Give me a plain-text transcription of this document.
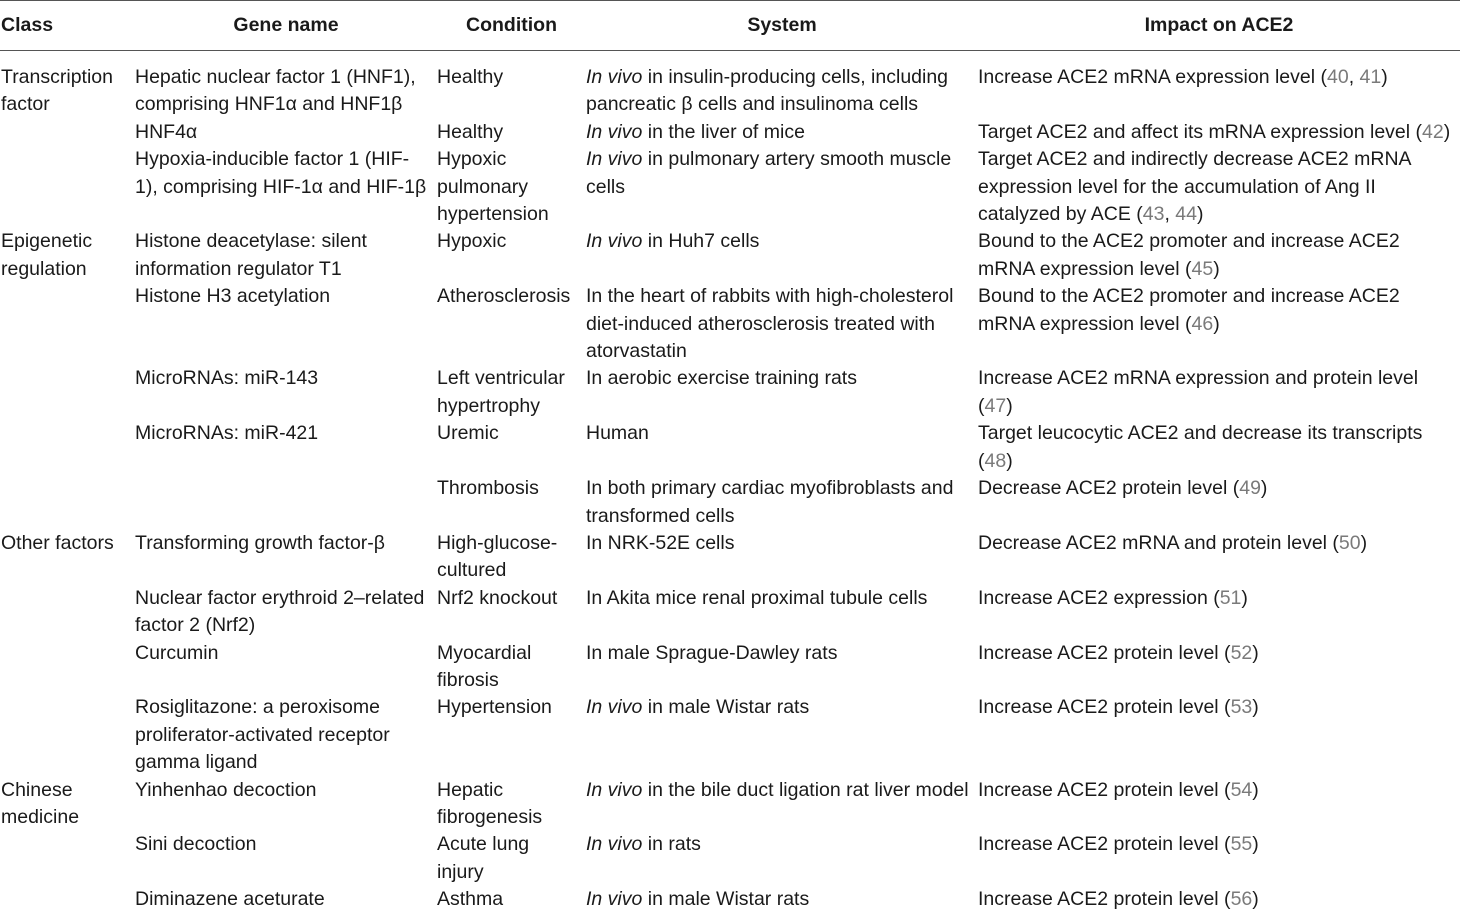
Class	Gene name	Condition	System	Impact on ACE2
Transcription factor	Hepatic nuclear factor 1 (HNF1), comprising HNF1α and HNF1β	Healthy	In vivo in insulin-producing cells, including pancreatic β cells and insulinoma cells	Increase ACE2 mRNA expression level (40, 41)
	HNF4α	Healthy	In vivo in the liver of mice	Target ACE2 and affect its mRNA expression level (42)
	Hypoxia-inducible factor 1 (HIF-1), comprising HIF-1α and HIF-1β	Hypoxic pulmonary hypertension	In vivo in pulmonary artery smooth muscle cells	Target ACE2 and indirectly decrease ACE2 mRNA expression level for the accumulation of Ang II catalyzed by ACE (43, 44)
Epigenetic regulation	Histone deacetylase: silent information regulator T1	Hypoxic	In vivo in Huh7 cells	Bound to the ACE2 promoter and increase ACE2 mRNA expression level (45)
	Histone H3 acetylation	Atherosclerosis	In the heart of rabbits with high-cholesterol diet-induced atherosclerosis treated with atorvastatin	Bound to the ACE2 promoter and increase ACE2 mRNA expression level (46)
	MicroRNAs: miR-143	Left ventricular hypertrophy	In aerobic exercise training rats	Increase ACE2 mRNA expression and protein level (47)
	MicroRNAs: miR-421	Uremic	Human	Target leucocytic ACE2 and decrease its transcripts (48)
		Thrombosis	In both primary cardiac myofibroblasts and transformed cells	Decrease ACE2 protein level (49)
Other factors	Transforming growth factor-β	High-glucose-cultured	In NRK-52E cells	Decrease ACE2 mRNA and protein level (50)
	Nuclear factor erythroid 2–related factor 2 (Nrf2)	Nrf2 knockout	In Akita mice renal proximal tubule cells	Increase ACE2 expression (51)
	Curcumin	Myocardial fibrosis	In male Sprague-Dawley rats	Increase ACE2 protein level (52)
	Rosiglitazone: a peroxisome proliferator-activated receptor gamma ligand	Hypertension	In vivo in male Wistar rats	Increase ACE2 protein level (53)
Chinese medicine	Yinhenhao decoction	Hepatic fibrogenesis	In vivo in the bile duct ligation rat liver model	Increase ACE2 protein level (54)
	Sini decoction	Acute lung injury	In vivo in rats	Increase ACE2 protein level (55)
	Diminazene aceturate	Asthma	In vivo in male Wistar rats	Increase ACE2 protein level (56)
